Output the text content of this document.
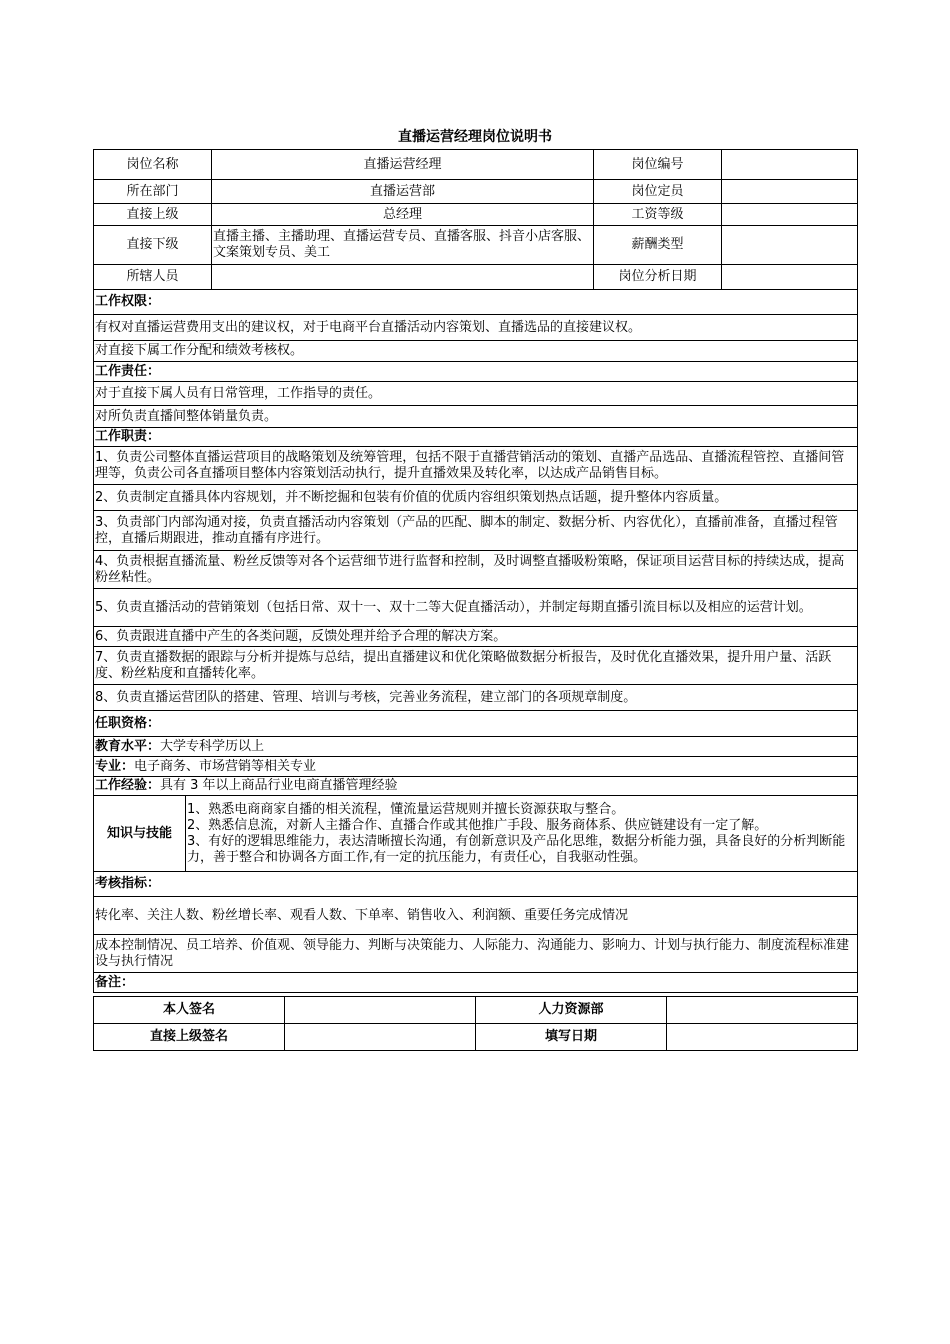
直播运营经理岗位说明书
岗位名称	直播运营经理	岗位编号	
所在部门	直播运营部	岗位定员	
直接上级	总经理	工资等级	
直接下级	直播主播、主播助理、直播运营专员、直播客服、抖音小店客服、文案策划专员、美工	薪酬类型	
所辖人员		岗位分析日期	
工作权限：
有权对直播运营费用支出的建议权，对于电商平台直播活动内容策划、直播选品的直接建议权。
对直接下属工作分配和绩效考核权。
工作责任：
对于直接下属人员有日常管理，工作指导的责任。
对所负责直播间整体销量负责。
工作职责：
1、负责公司整体直播运营项目的战略策划及统筹管理，包括不限于直播营销活动的策划、直播产品选品、直播流程管控、直播间管理等，负责公司各直播项目整体内容策划活动执行，提升直播效果及转化率，以达成产品销售目标。
2、负责制定直播具体内容规划，并不断挖掘和包装有价值的优质内容组织策划热点话题，提升整体内容质量。
3、负责部门内部沟通对接，负责直播活动内容策划（产品的匹配、脚本的制定、数据分析、内容优化），直播前准备，直播过程管控，直播后期跟进，推动直播有序进行。
4、负责根据直播流量、粉丝反馈等对各个运营细节进行监督和控制，及时调整直播吸粉策略，保证项目运营目标的持续达成，提高粉丝粘性。
5、负责直播活动的营销策划（包括日常、双十一、双十二等大促直播活动），并制定每期直播引流目标以及相应的运营计划。
6、负责跟进直播中产生的各类问题，反馈处理并给予合理的解决方案。
7、负责直播数据的跟踪与分析并提炼与总结，提出直播建议和优化策略做数据分析报告，及时优化直播效果，提升用户量、活跃度、粉丝粘度和直播转化率。
8、负责直播运营团队的搭建、管理、培训与考核，完善业务流程，建立部门的各项规章制度。
任职资格：
教育水平：大学专科学历以上
专业：电子商务、市场营销等相关专业
工作经验：具有 3 年以上商品行业电商直播管理经验
知识与技能	
1、熟悉电商商家自播的相关流程，懂流量运营规则并擅长资源获取与整合。
2、熟悉信息流，对新人主播合作、直播合作或其他推广手段、服务商体系、供应链建设有一定了解。
3、有好的逻辑思维能力，表达清晰擅长沟通，有创新意识及产品化思维，数据分析能力强，具备良好的分析判断能力，善于整合和协调各方面工作,有一定的抗压能力，有责任心，自我驱动性强。

考核指标：
转化率、关注人数、粉丝增长率、观看人数、下单率、销售收入、利润额、重要任务完成情况
成本控制情况、员工培养、价值观、领导能力、判断与决策能力、人际能力、沟通能力、影响力、计划与执行能力、制度流程标准建设与执行情况
备注：
本人签名		人力资源部	
直接上级签名		填写日期	
